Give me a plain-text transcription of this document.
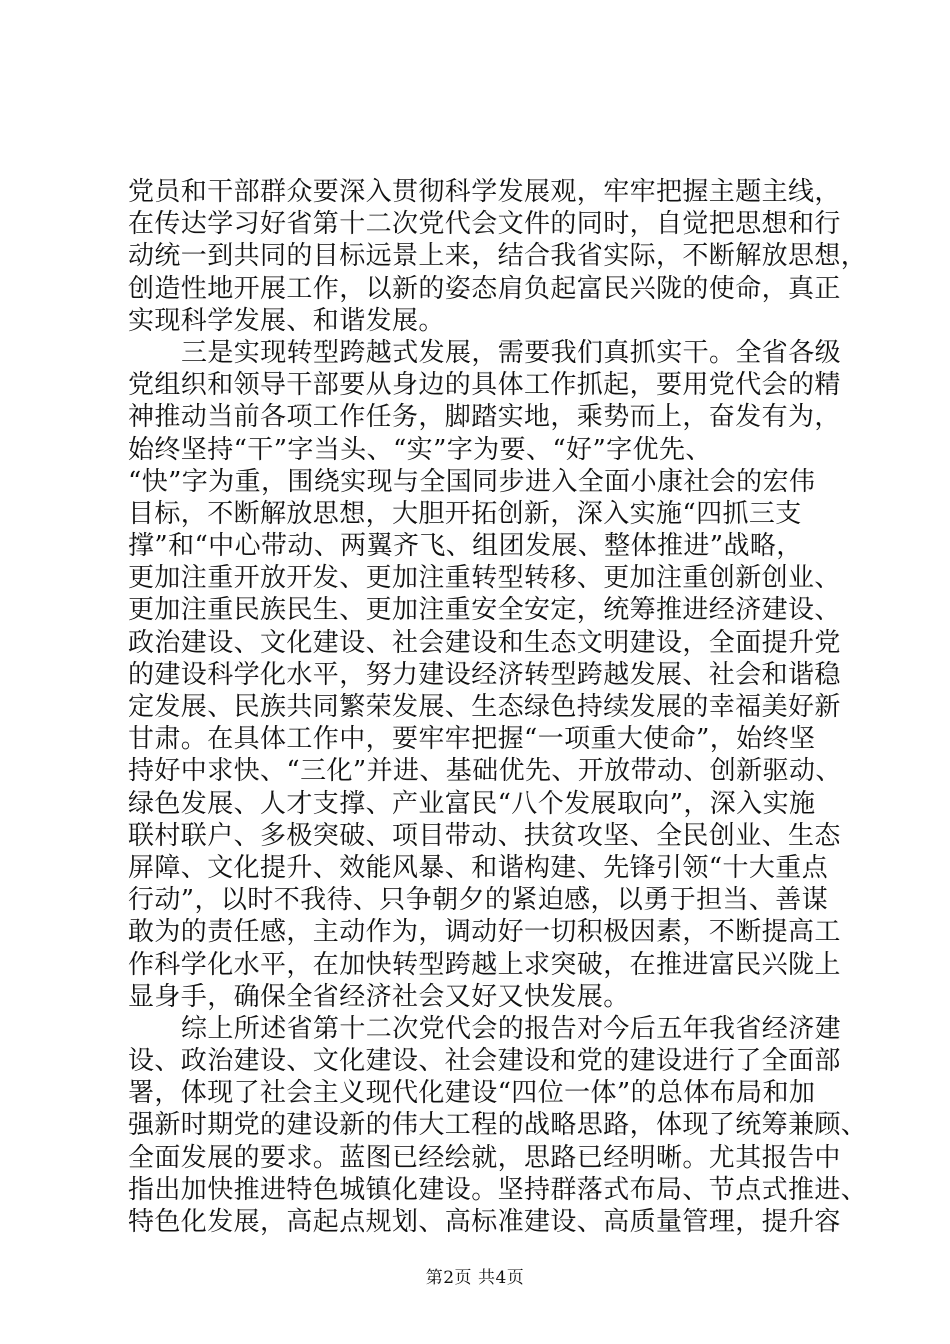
党员和干部群众要深入贯彻科学发展观，牢牢把握主题主线，
在传达学习好省第十二次党代会文件的同时，自觉把思想和行
动统一到共同的目标远景上来，结合我省实际，不断解放思想，
创造性地开展工作，以新的姿态肩负起富民兴陇的使命，真正
实现科学发展、和谐发展。
三是实现转型跨越式发展，需要我们真抓实干。全省各级
党组织和领导干部要从身边的具体工作抓起，要用党代会的精
神推动当前各项工作任务，脚踏实地，乘势而上，奋发有为，
始终坚持“干”字当头、“实”字为要、“好”字优先、
“快”字为重，围绕实现与全国同步进入全面小康社会的宏伟
目标，不断解放思想，大胆开拓创新，深入实施“四抓三支
撑”和“中心带动、两翼齐飞、组团发展、整体推进”战略，
更加注重开放开发、更加注重转型转移、更加注重创新创业、
更加注重民族民生、更加注重安全安定，统筹推进经济建设、
政治建设、文化建设、社会建设和生态文明建设，全面提升党
的建设科学化水平，努力建设经济转型跨越发展、社会和谐稳
定发展、民族共同繁荣发展、生态绿色持续发展的幸福美好新
甘肃。在具体工作中，要牢牢把握“一项重大使命”，始终坚
持好中求快、“三化”并进、基础优先、开放带动、创新驱动、
绿色发展、人才支撑、产业富民“八个发展取向”，深入实施
联村联户、多极突破、项目带动、扶贫攻坚、全民创业、生态
屏障、文化提升、效能风暴、和谐构建、先锋引领“十大重点
行动”，以时不我待、只争朝夕的紧迫感，以勇于担当、善谋
敢为的责任感，主动作为，调动好一切积极因素，不断提高工
作科学化水平，在加快转型跨越上求突破，在推进富民兴陇上
显身手，确保全省经济社会又好又快发展。
综上所述省第十二次党代会的报告对今后五年我省经济建
设、政治建设、文化建设、社会建设和党的建设进行了全面部
署，体现了社会主义现代化建设“四位一体”的总体布局和加
强新时期党的建设新的伟大工程的战略思路，体现了统筹兼顾、
全面发展的要求。蓝图已经绘就，思路已经明晰。尤其报告中
指出加快推进特色城镇化建设。坚持群落式布局、节点式推进、
特色化发展，高起点规划、高标准建设、高质量管理，提升容
第2页 共4页
